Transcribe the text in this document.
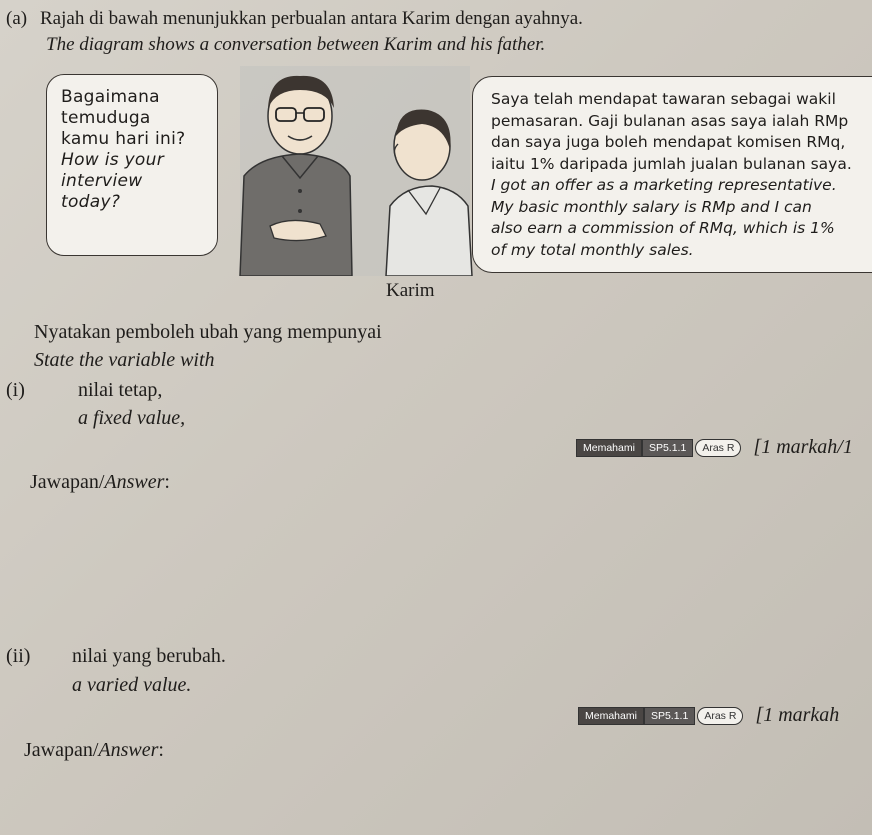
(a) Rajah di bawah menunjukkan perbualan antara Karim dengan ayahnya.
The diagram shows a conversation between Karim and his father.
Bagaimana
temuduga
kamu hari ini?
How is your
interview
today?
Saya telah mendapat tawaran sebagai wakil
pemasaran. Gaji bulanan asas saya ialah RMp
dan saya juga boleh mendapat komisen RMq,
iaitu 1% daripada jumlah jualan bulanan saya.
I got an offer as a marketing representative.
My basic monthly salary is RMp and I can
also earn a commission of RMq, which is 1%
of my total monthly sales.
Karim
Nyatakan pemboleh ubah yang mempunyai
State the variable with
(i)	nilai tetap,
a fixed value,
Memahami	SP5.1.1	Aras R [1 markah/1
Jawapan/Answer:
(ii) nilai yang berubah.
a varied value.
Memahami	SP5.1.1	Aras R [1 markah
Jawapan/Answer:
